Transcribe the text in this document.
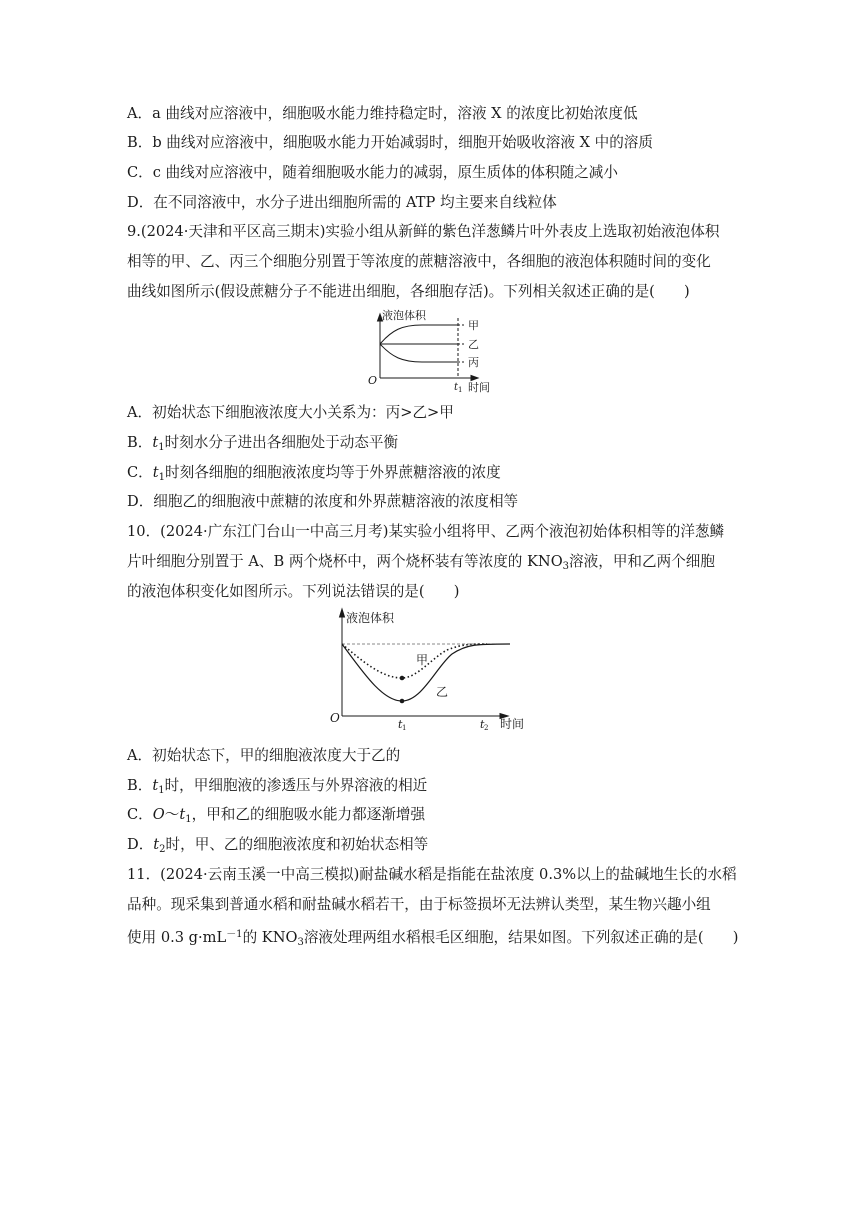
A．a 曲线对应溶液中，细胞吸水能力维持稳定时，溶液 X 的浓度比初始浓度低
B．b 曲线对应溶液中，细胞吸水能力开始减弱时，细胞开始吸收溶液 X 中的溶质
C．c 曲线对应溶液中，随着细胞吸水能力的减弱，原生质体的体积随之减小
D．在不同溶液中，水分子进出细胞所需的 ATP 均主要来自线粒体
9.(2024·天津和平区高三期末)实验小组从新鲜的紫色洋葱鳞片叶外表皮上选取初始液泡体积
相等的甲、乙、丙三个细胞分别置于等浓度的蔗糖溶液中，各细胞的液泡体积随时间的变化
曲线如图所示(假设蔗糖分子不能进出细胞，各细胞存活)。下列相关叙述正确的是(　　)
液泡体积
甲
乙
丙
O
t 1 时间
A．初始状态下细胞液浓度大小关系为：丙>乙>甲
B．$t_1$时刻水分子进出各细胞处于动态平衡
C．$t_1$时刻各细胞的细胞液浓度均等于外界蔗糖溶液的浓度
D．细胞乙的细胞液中蔗糖的浓度和外界蔗糖溶液的浓度相等
10．(2024·广东江门台山一中高三月考)某实验小组将甲、乙两个液泡初始体积相等的洋葱鳞
片叶细胞分别置于 A、B 两个烧杯中，两个烧杯装有等浓度的 $KNO_3$溶液，甲和乙两个细胞
的液泡体积变化如图所示。下列说法错误的是(　　)
液泡体积
甲
乙
O	t 1	t 2 时间
A．初始状态下，甲的细胞液浓度大于乙的
B．$t_1$时，甲细胞液的渗透压与外界溶液的相近
C．$O\sim t_1$，甲和乙的细胞吸水能力都逐渐增强
D．$t_2$时，甲、乙的细胞液浓度和初始状态相等
11．(2024·云南玉溪一中高三模拟)耐盐碱水稻是指能在盐浓度 0.3%以上的盐碱地生长的水稻
品种。现采集到普通水稻和耐盐碱水稻若干，由于标签损坏无法辨认类型，某生物兴趣小组
使用 0.3 $g\cdot mL^{-1}$的 $KNO_3$溶液处理两组水稻根毛区细胞，结果如图。下列叙述正确的是(　　)
